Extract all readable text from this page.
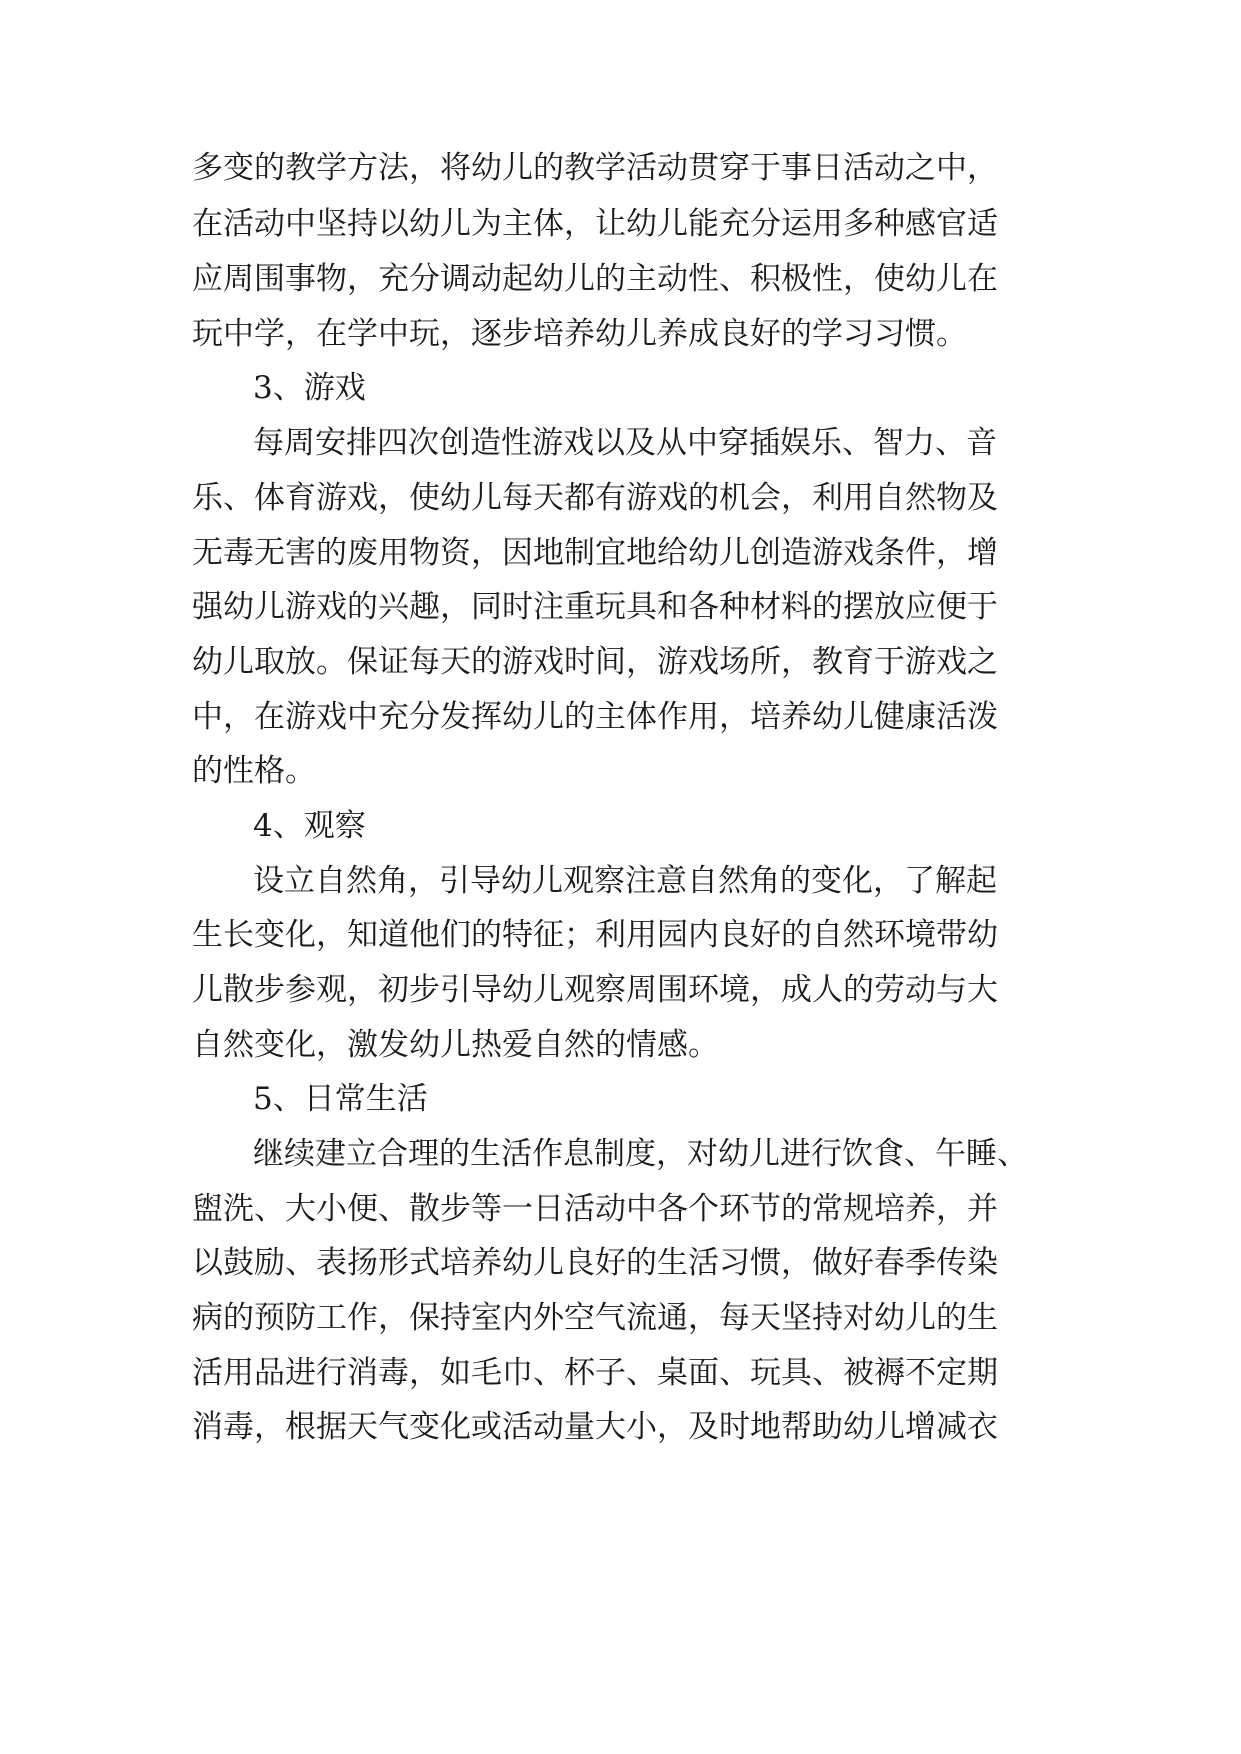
多变的教学方法，将幼儿的教学活动贯穿于事日活动之中，
在活动中坚持以幼儿为主体，让幼儿能充分运用多种感官适
应周围事物，充分调动起幼儿的主动性、积极性，使幼儿在
玩中学，在学中玩，逐步培养幼儿养成良好的学习习惯。
3、游戏
每周安排四次创造性游戏以及从中穿插娱乐、智力、音
乐、体育游戏，使幼儿每天都有游戏的机会，利用自然物及
无毒无害的废用物资，因地制宜地给幼儿创造游戏条件，增
强幼儿游戏的兴趣，同时注重玩具和各种材料的摆放应便于
幼儿取放。保证每天的游戏时间，游戏场所，教育于游戏之
中，在游戏中充分发挥幼儿的主体作用，培养幼儿健康活泼
的性格。
4、观察
设立自然角，引导幼儿观察注意自然角的变化，了解起
生长变化，知道他们的特征；利用园内良好的自然环境带幼
儿散步参观，初步引导幼儿观察周围环境，成人的劳动与大
自然变化，激发幼儿热爱自然的情感。
5、日常生活
继续建立合理的生活作息制度，对幼儿进行饮食、午睡、
盥洗、大小便、散步等一日活动中各个环节的常规培养，并
以鼓励、表扬形式培养幼儿良好的生活习惯，做好春季传染
病的预防工作，保持室内外空气流通，每天坚持对幼儿的生
活用品进行消毒，如毛巾、杯子、桌面、玩具、被褥不定期
消毒，根据天气变化或活动量大小，及时地帮助幼儿增减衣
